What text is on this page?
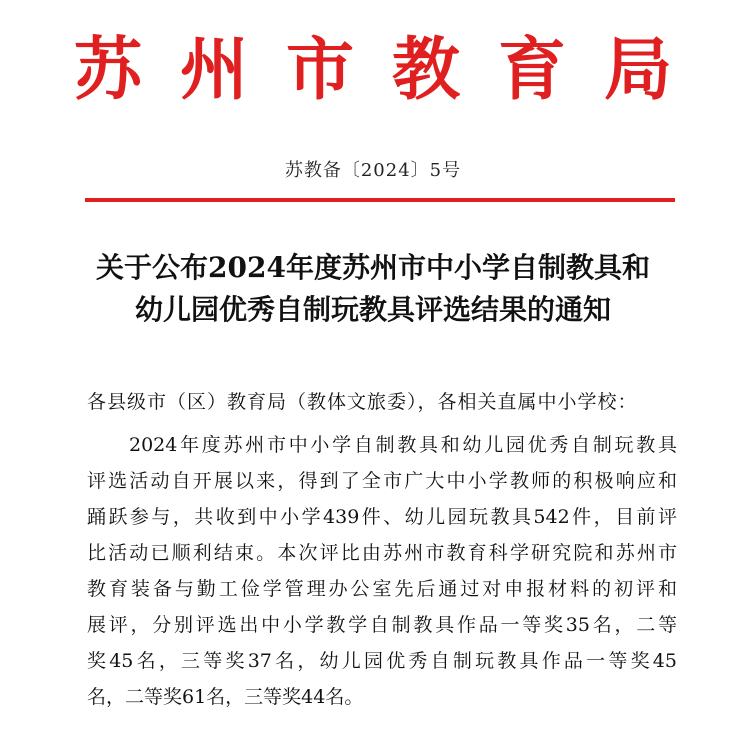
苏州市教育局
苏教备〔2024〕5号
关于公布2024年度苏州市中小学自制教具和
幼儿园优秀自制玩教具评选结果的通知
各县级市（区）教育局（教体文旅委），各相关直属中小学校：
2024年度苏州市中小学自制教具和幼儿园优秀自制玩教具
评选活动自开展以来，得到了全市广大中小学教师的积极响应和
踊跃参与，共收到中小学439件、幼儿园玩教具542件，目前评
比活动已顺利结束。本次评比由苏州市教育科学研究院和苏州市
教育装备与勤工俭学管理办公室先后通过对申报材料的初评和
展评，分别评选出中小学教学自制教具作品一等奖35名，二等
奖45名，三等奖37名，幼儿园优秀自制玩教具作品一等奖45
名，二等奖61名，三等奖44名。
